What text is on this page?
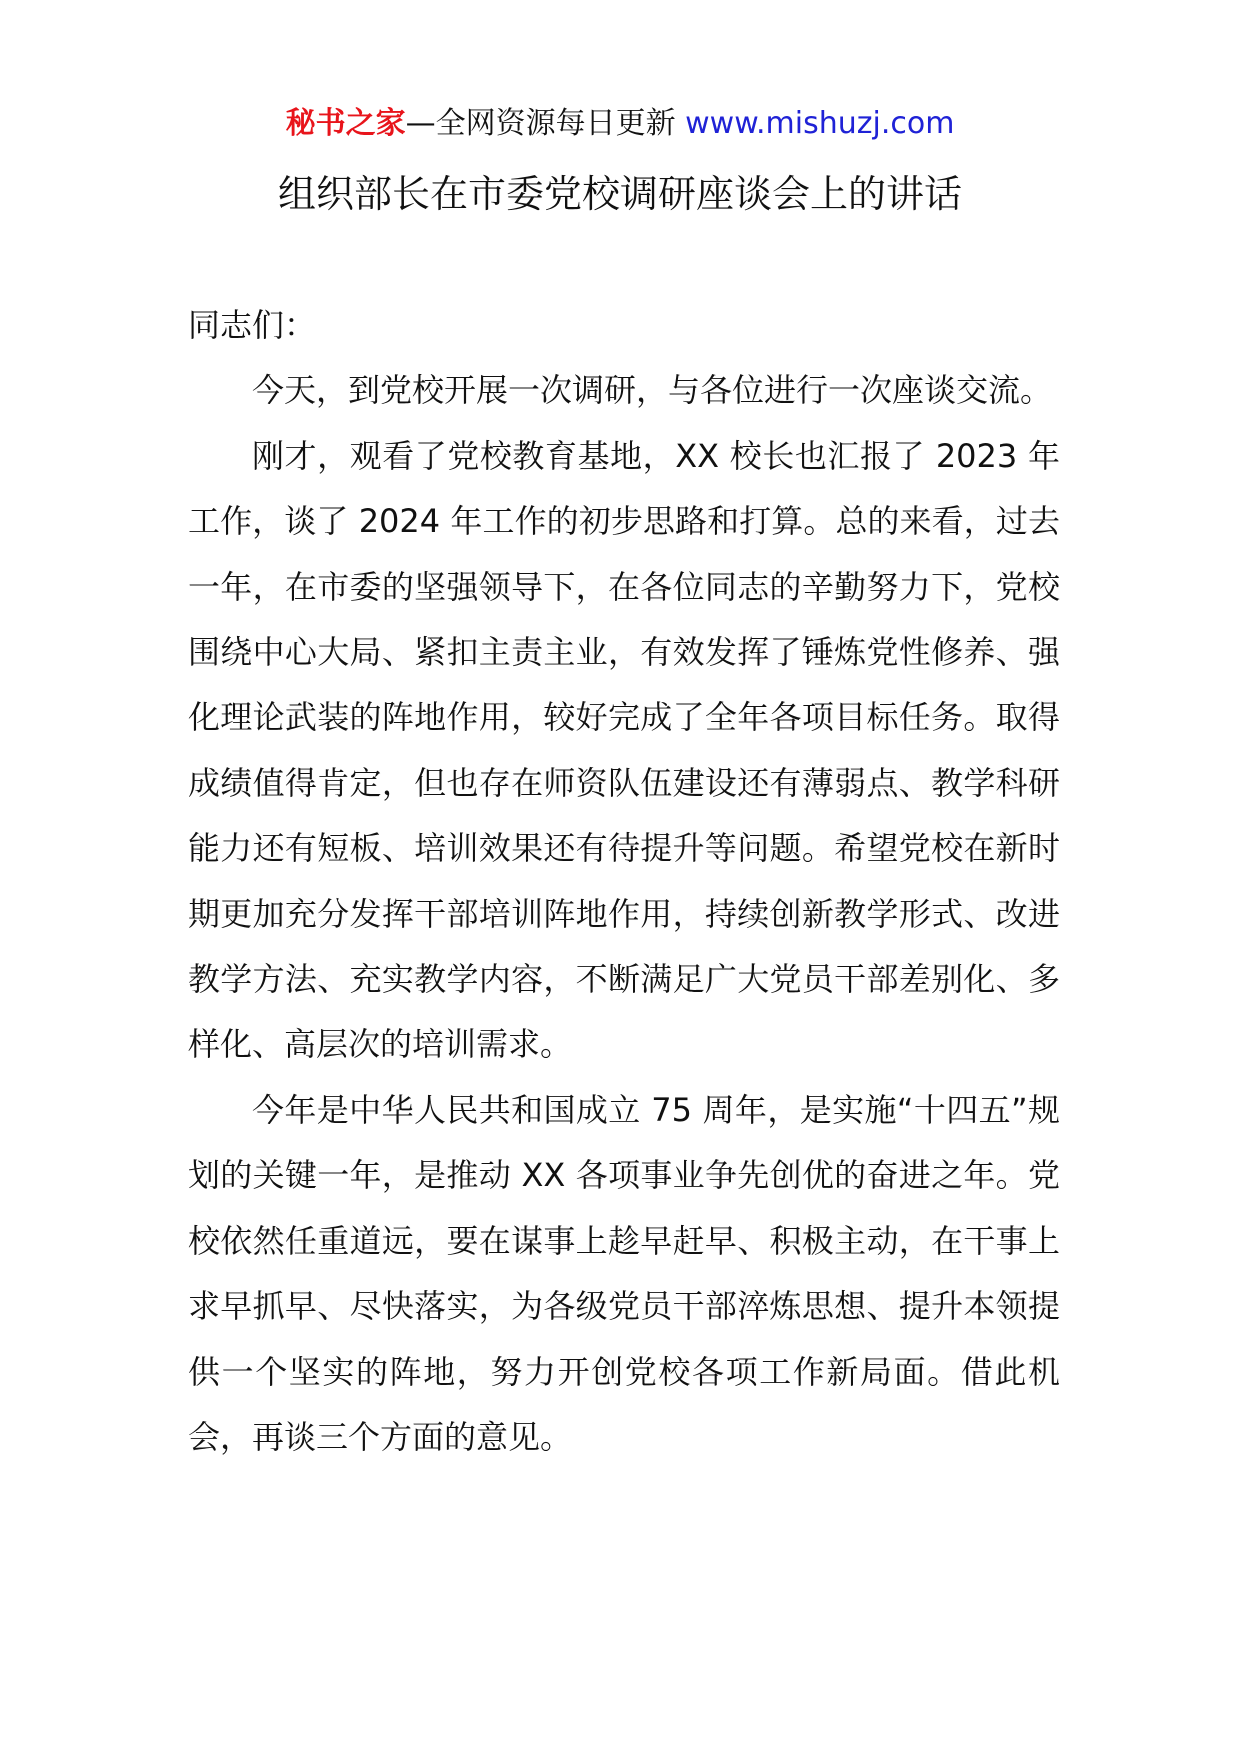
秘书之家—全网资源每日更新 www.mishuzj.com
组织部长在市委党校调研座谈会上的讲话

同志们：

今天，到党校开展一次调研，与各位进行一次座谈交流。

刚才，观看了党校教育基地，XX 校长也汇报了 2023 年工作，谈了 2024 年工作的初步思路和打算。总的来看，过去一年，在市委的坚强领导下，在各位同志的辛勤努力下，党校围绕中心大局、紧扣主责主业，有效发挥了锤炼党性修养、强化理论武装的阵地作用，较好完成了全年各项目标任务。取得成绩值得肯定，但也存在师资队伍建设还有薄弱点、教学科研能力还有短板、培训效果还有待提升等问题。希望党校在新时期更加充分发挥干部培训阵地作用，持续创新教学形式、改进教学方法、充实教学内容，不断满足广大党员干部差别化、多样化、高层次的培训需求。

今年是中华人民共和国成立 75 周年，是实施“十四五”规划的关键一年，是推动 XX 各项事业争先创优的奋进之年。党校依然任重道远，要在谋事上趁早赶早、积极主动，在干事上求早抓早、尽快落实，为各级党员干部淬炼思想、提升本领提供一个坚实的阵地，努力开创党校各项工作新局面。借此机会，再谈三个方面的意见。
